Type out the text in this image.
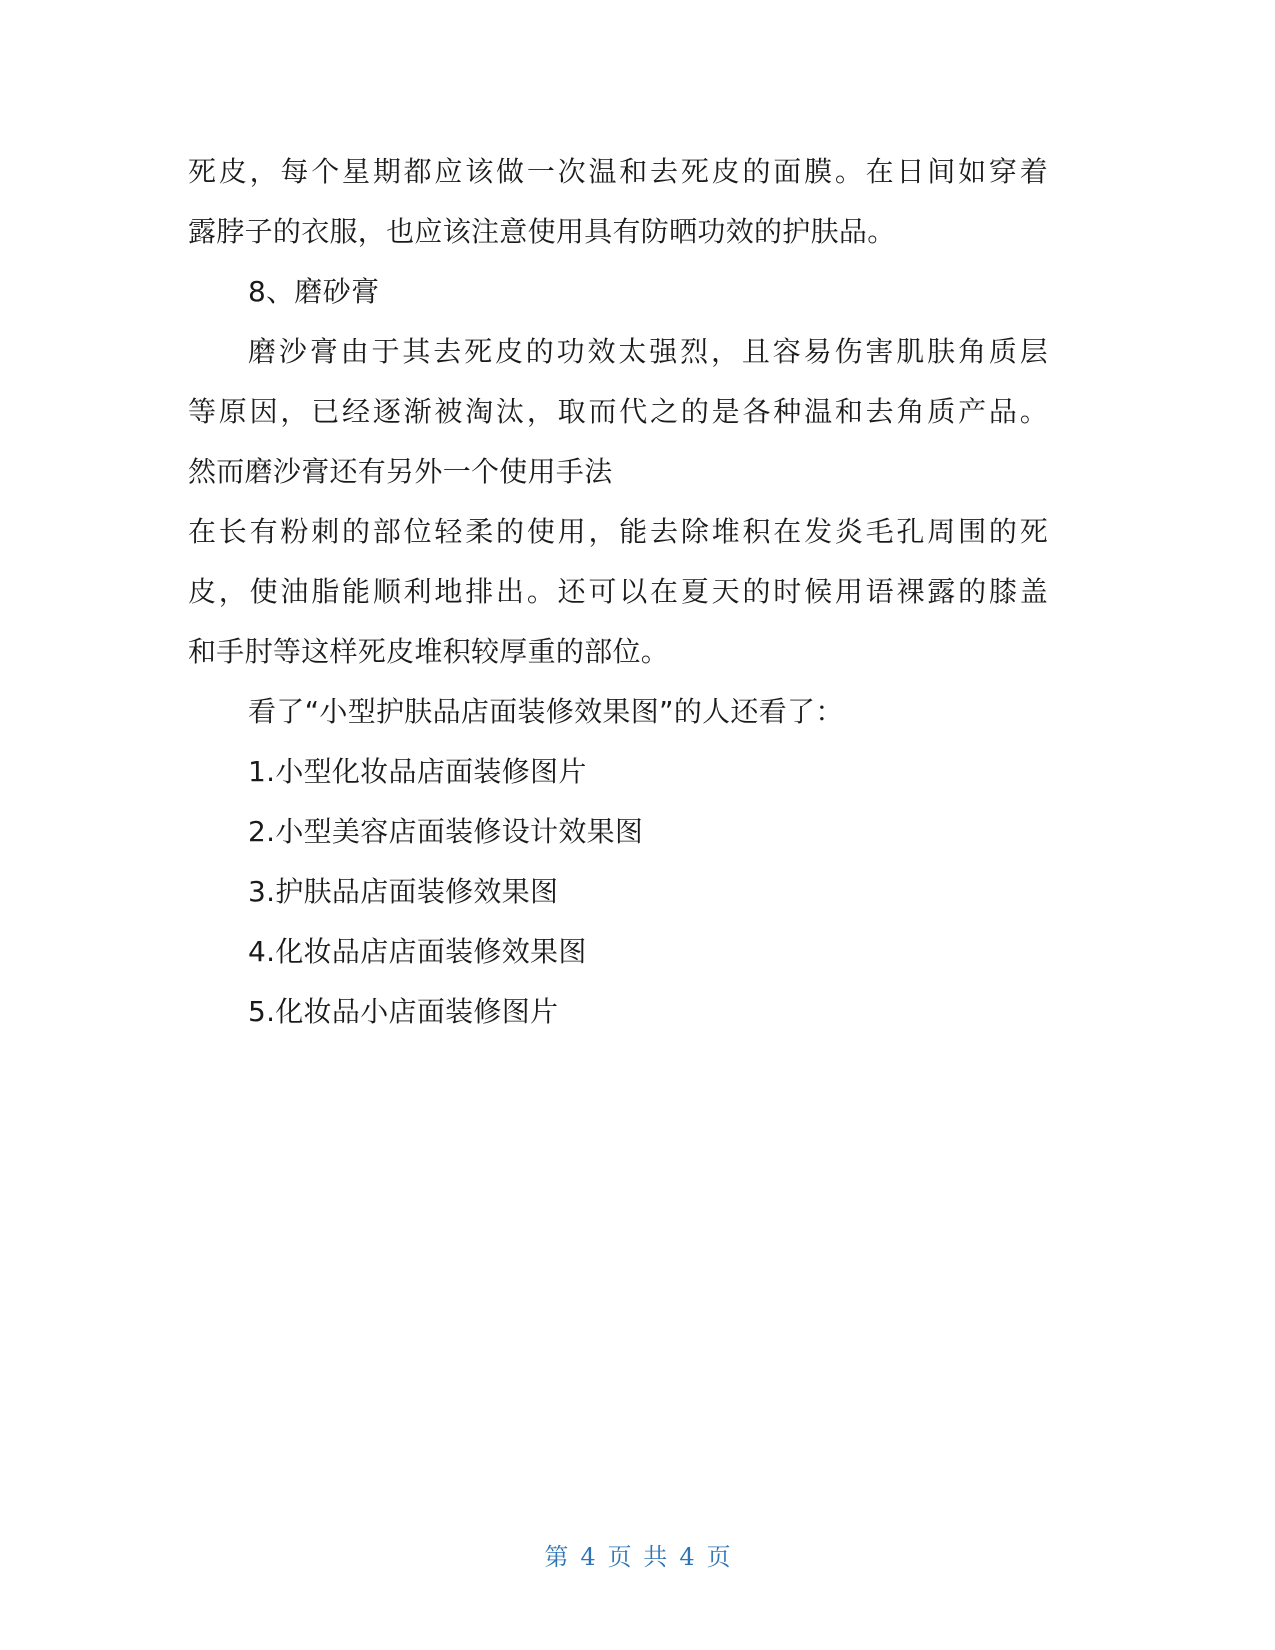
死皮，每个星期都应该做一次温和去死皮的面膜。在日间如穿着
露脖子的衣服，也应该注意使用具有防晒功效的护肤品。
8、磨砂膏
磨沙膏由于其去死皮的功效太强烈，且容易伤害肌肤角质层
等原因，已经逐渐被淘汰，取而代之的是各种温和去角质产品。
然而磨沙膏还有另外一个使用手法
在长有粉刺的部位轻柔的使用，能去除堆积在发炎毛孔周围的死
皮，使油脂能顺利地排出。还可以在夏天的时候用语裸露的膝盖
和手肘等这样死皮堆积较厚重的部位。
看了“小型护肤品店面装修效果图”的人还看了：
1.小型化妆品店面装修图片
2.小型美容店面装修设计效果图
3.护肤品店面装修效果图
4.化妆品店店面装修效果图
5.化妆品小店面装修图片
第 4 页 共 4 页
